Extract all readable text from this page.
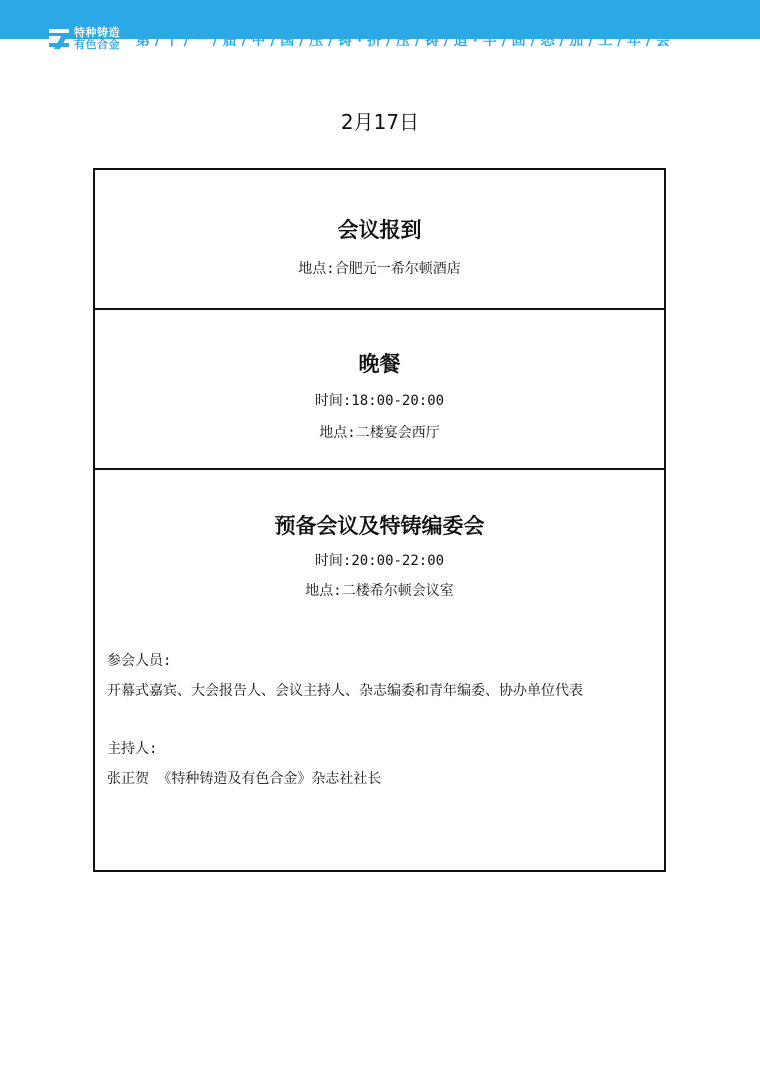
特种铸造
有色合金 第 / 十 / 一 / 届 / 中 / 国 / 压 / 铸 · 挤 / 压 / 铸 / 造 · 半 / 固 / 态 / 加 / 工 / 年 / 会
2月17日
会议报到
地点:合肥元一希尔顿酒店
晚餐
时间:18:00-20:00
地点:二楼宴会西厅
预备会议及特铸编委会
时间:20:00-22:00
地点:二楼希尔顿会议室
参会人员:
开幕式嘉宾、大会报告人、会议主持人、杂志编委和青年编委、协办单位代表
主持人:
张正贺 《特种铸造及有色合金》杂志社社长
